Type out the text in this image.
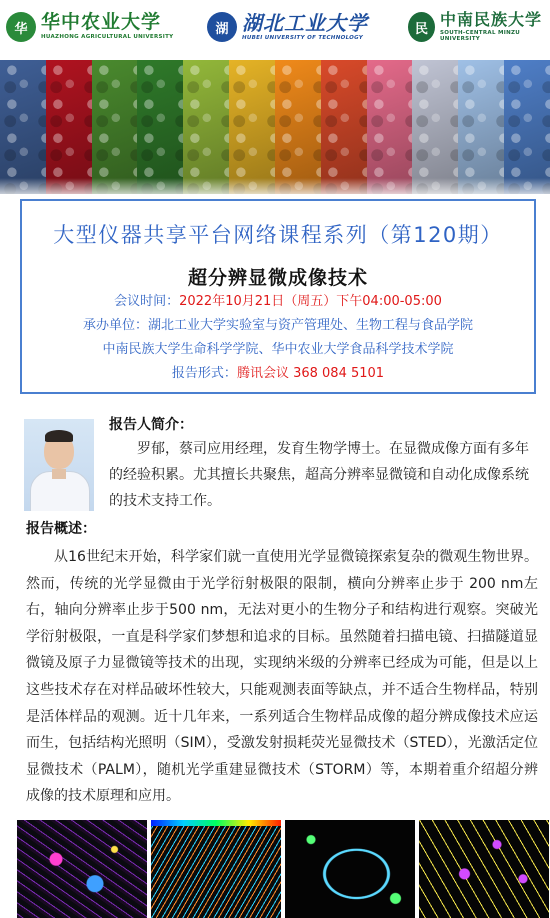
华 华中农业大学
HUAZHONG AGRICULTURAL UNIVERSITY
湖 湖北工业大学
HUBEI UNIVERSITY OF TECHNOLOGY
民 中南民族大学
SOUTH-CENTRAL MINZU UNIVERSITY
大型仪器共享平台网络课程系列（第120期）
超分辨显微成像技术
会议时间：2022年10月21日（周五）下午04:00-05:00
承办单位：湖北工业大学实验室与资产管理处、生物工程与食品学院
中南民族大学生命科学学院、华中农业大学食品科学技术学院
报告形式：腾讯会议 368 084 5101
报告人简介：
罗郁，蔡司应用经理，发育生物学博士。在显微成像方面有多年的经验积累。尤其擅长共聚焦，超高分辨率显微镜和自动化成像系统的技术支持工作。
报告概述：
从16世纪末开始，科学家们就一直使用光学显微镜探索复杂的微观生物世界。然而，传统的光学显微由于光学衍射极限的限制，横向分辨率止步于 200 nm左右，轴向分辨率止步于500 nm，无法对更小的生物分子和结构进行观察。突破光学衍射极限，一直是科学家们梦想和追求的目标。虽然随着扫描电镜、扫描隧道显微镜及原子力显微镜等技术的出现，实现纳米级的分辨率已经成为可能，但是以上这些技术存在对样品破坏性较大，只能观测表面等缺点，并不适合生物样品，特别是活体样品的观测。近十几年来，一系列适合生物样品成像的超分辨成像技术应运而生，包括结构光照明（SIM），受激发射损耗荧光显微技术（STED），光激活定位显微技术（PALM），随机光学重建显微技术（STORM）等，本期着重介绍超分辨成像的技术原理和应用。
